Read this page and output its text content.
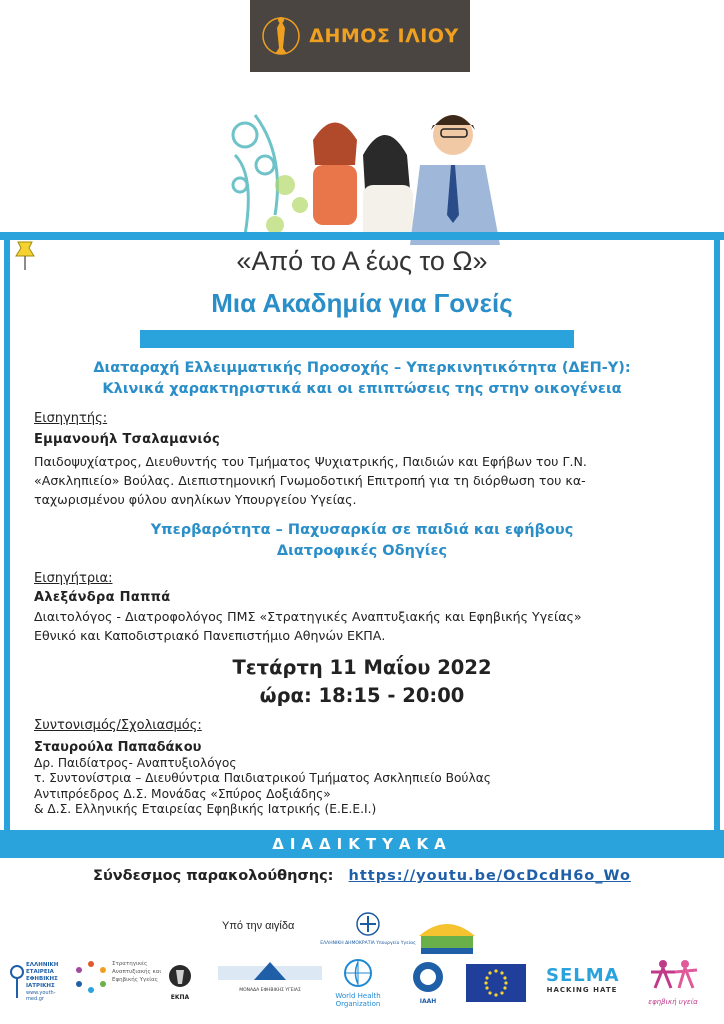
ΔΗΜΟΣ ΙΛΙΟΥ
«Από το Α έως το Ω»
Μια Ακαδημία για Γονείς
Διαταραχή Ελλειμματικής Προσοχής – Υπερκινητικότητα (ΔΕΠ-Υ):
Κλινικά χαρακτηριστικά και οι επιπτώσεις της στην οικογένεια
Εισηγητής:
Εμμανουήλ Τσαλαμανιός
Παιδοψυχίατρος, Διευθυντής του Τμήματος Ψυχιατρικής, Παιδιών και Εφήβων του Γ.Ν.
«Ασκληπιείο» Βούλας. Διεπιστημονική Γνωμοδοτική Επιτροπή για τη διόρθωση του κα-
ταχωρισμένου φύλου ανηλίκων Υπουργείου Υγείας.
Υπερβαρότητα – Παχυσαρκία σε παιδιά και εφήβους
Διατροφικές Οδηγίες
Εισηγήτρια:
Αλεξάνδρα Παππά
Διαιτολόγος - Διατροφολόγος ΠΜΣ «Στρατηγικές Αναπτυξιακής και Εφηβικής Υγείας»
Εθνικό και Καποδιστριακό Πανεπιστήμιο Αθηνών ΕΚΠΑ.
Τετάρτη 11 Μαΐου 2022
ώρα: 18:15 - 20:00
Συντονισμός/Σχολιασμός:
Σταυρούλα Παπαδάκου
Δρ. Παιδίατρος- Αναπτυξιολόγος
τ. Συντονίστρια – Διευθύντρια Παιδιατρικού Τμήματος Ασκληπιείο Βούλας
Αντιπρόεδρος Δ.Σ. Μονάδας «Σπύρος Δοξιάδης»
& Δ.Σ. Ελληνικής Εταιρείας Εφηβικής Ιατρικής (Ε.Ε.Ε.Ι.)
ΔΙΑΔΙΚΤΥΑΚΑ
Σύνδεσμος παρακολούθησης: https://youtu.be/OcDcdH6o_Wo
Υπό την αιγίδα
ΕΛΛΗΝΙΚΗ ΔΗΜΟΚΡΑΤΙΑ Υπουργείο Υγείας
ΕΛΛΗΝΙΚΗ ΕΤΑΙΡΕΙΑ ΕΦΗΒΙΚΗΣ ΙΑΤΡΙΚΗΣ
www.youth-med.gr
Στρατηγικές Αναπτυξιακής και Εφηβικής Υγείας
ΕΚΠΑ
ΜΟΝΑΔΑ ΕΦΗΒΙΚΗΣ ΥΓΕΙΑΣ
World Health Organization	IAAH
SELMA
HACKING HATE
εφηβική υγεία
